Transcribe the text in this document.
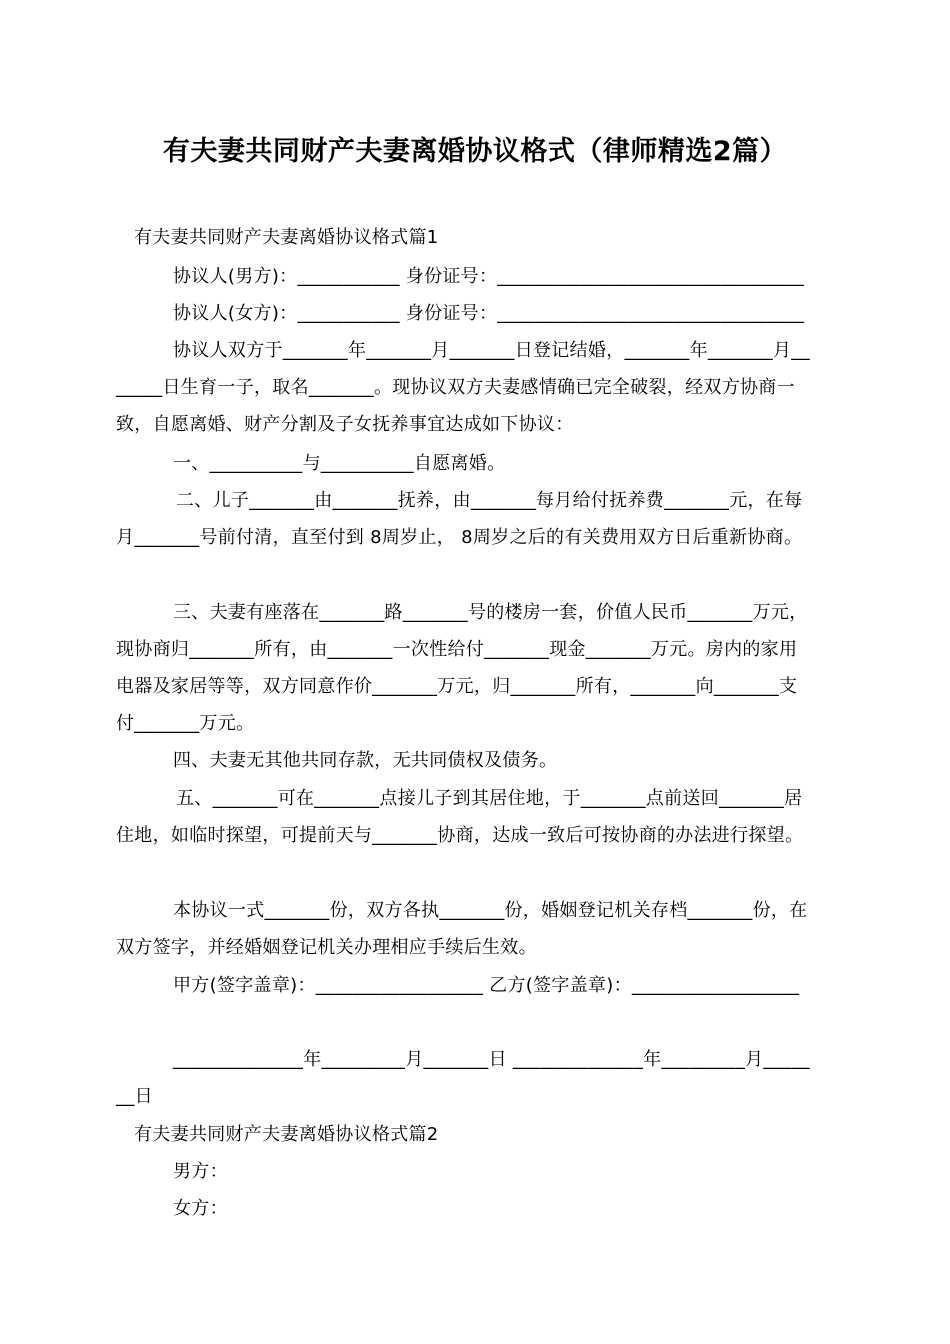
有夫妻共同财产夫妻离婚协议格式（律师精选2篇）
有夫妻共同财产夫妻离婚协议格式篇1
协议人(男方)：___________ 身份证号：_________________________________
协议人(女方)：___________ 身份证号：_________________________________
协议人双方于_______年_______月_______日登记结婚，_______年_______月__
_____日生育一子，取名_______。现协议双方夫妻感情确已完全破裂，经双方协商一
致，自愿离婚、财产分割及子女抚养事宜达成如下协议：
一、__________与__________自愿离婚。
二、儿子_______由_______抚养，由_______每月给付抚养费_______元，在每
月_______号前付清，直至付到 8周岁止， 8周岁之后的有关费用双方日后重新协商。
三、夫妻有座落在_______路_______号的楼房一套，价值人民币_______万元，
现协商归_______所有，由_______一次性给付_______现金_______万元。房内的家用
电器及家居等等，双方同意作价_______万元，归_______所有，_______向_______支
付_______万元。
四、夫妻无其他共同存款，无共同债权及债务。
五、_______可在_______点接儿子到其居住地，于_______点前送回_______居
住地，如临时探望，可提前天与_______协商，达成一致后可按协商的办法进行探望。
本协议一式_______份，双方各执_______份，婚姻登记机关存档_______份，在
双方签字，并经婚姻登记机关办理相应手续后生效。
甲方(签字盖章)：__________________ 乙方(签字盖章)：__________________
______________年_________月_______日 ______________年_________月_____
__日
有夫妻共同财产夫妻离婚协议格式篇2
男方：
女方：
